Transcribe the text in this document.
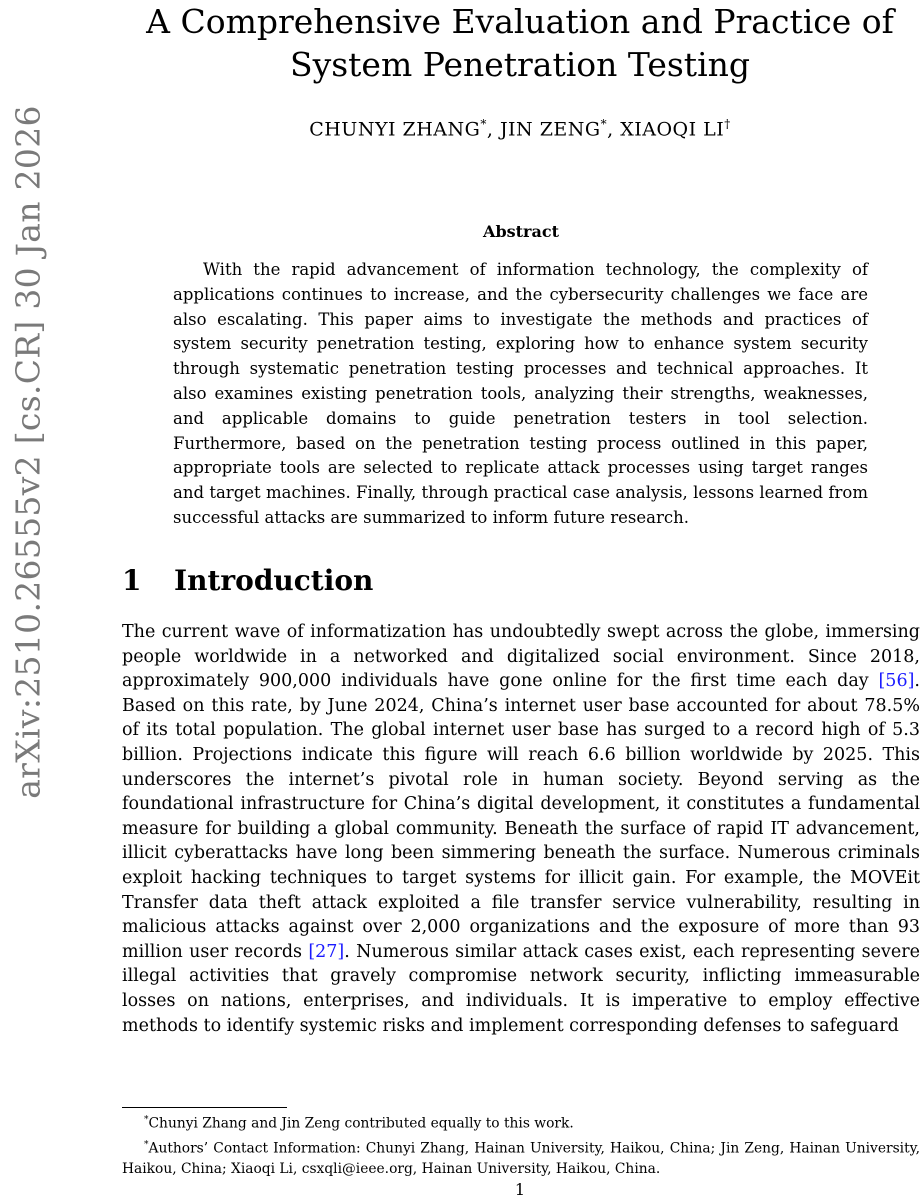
arXiv:2510.26555v2 [cs.CR] 30 Jan 2026
A Comprehensive Evaluation and Practice of System Penetration Testing
CHUNYI ZHANG*, JIN ZENG*, XIAOQI LI†
Abstract

With the rapid advancement of information technology, the complexity of applications continues to increase, and the cybersecurity challenges we face are also escalating. This paper aims to investigate the methods and practices of system security penetration testing, exploring how to enhance system security through systematic penetration testing processes and technical approaches. It also examines existing penetration tools, analyzing their strengths, weaknesses, and applicable domains to guide penetration testers in tool selection. Furthermore, based on the penetration testing process outlined in this paper, appropriate tools are selected to replicate attack processes using target ranges and target machines. Finally, through practical case analysis, lessons learned from successful attacks are summarized to inform future research.

1 Introduction

The current wave of informatization has undoubtedly swept across the globe, immersing people worldwide in a networked and digitalized social environment. Since 2018, approximately 900,000 individuals have gone online for the first time each day [56]. Based on this rate, by June 2024, China’s internet user base accounted for about 78.5% of its total population. The global internet user base has surged to a record high of 5.3 billion. Projections indicate this figure will reach 6.6 billion worldwide by 2025. This underscores the internet’s pivotal role in human society. Beyond serving as the foundational infrastructure for China’s digital development, it constitutes a fundamental measure for building a global community. Beneath the surface of rapid IT advancement, illicit cyberattacks have long been simmering beneath the surface. Numerous criminals exploit hacking techniques to target systems for illicit gain. For example, the MOVEit Transfer data theft attack exploited a file transfer service vulnerability, resulting in malicious attacks against over 2,000 organizations and the exposure of more than 93 million user records [27]. Numerous similar attack cases exist, each representing severe illegal activities that gravely compromise network security, inflicting immeasurable losses on nations, enterprises, and individuals. It is imperative to employ effective methods to identify systemic risks and implement corresponding defenses to safeguard

*Chunyi Zhang and Jin Zeng contributed equally to this work.

*Authors’ Contact Information: Chunyi Zhang, Hainan University, Haikou, China; Jin Zeng, Hainan University, Haikou, China; Xiaoqi Li, csxqli@ieee.org, Hainan University, Haikou, China.

1
